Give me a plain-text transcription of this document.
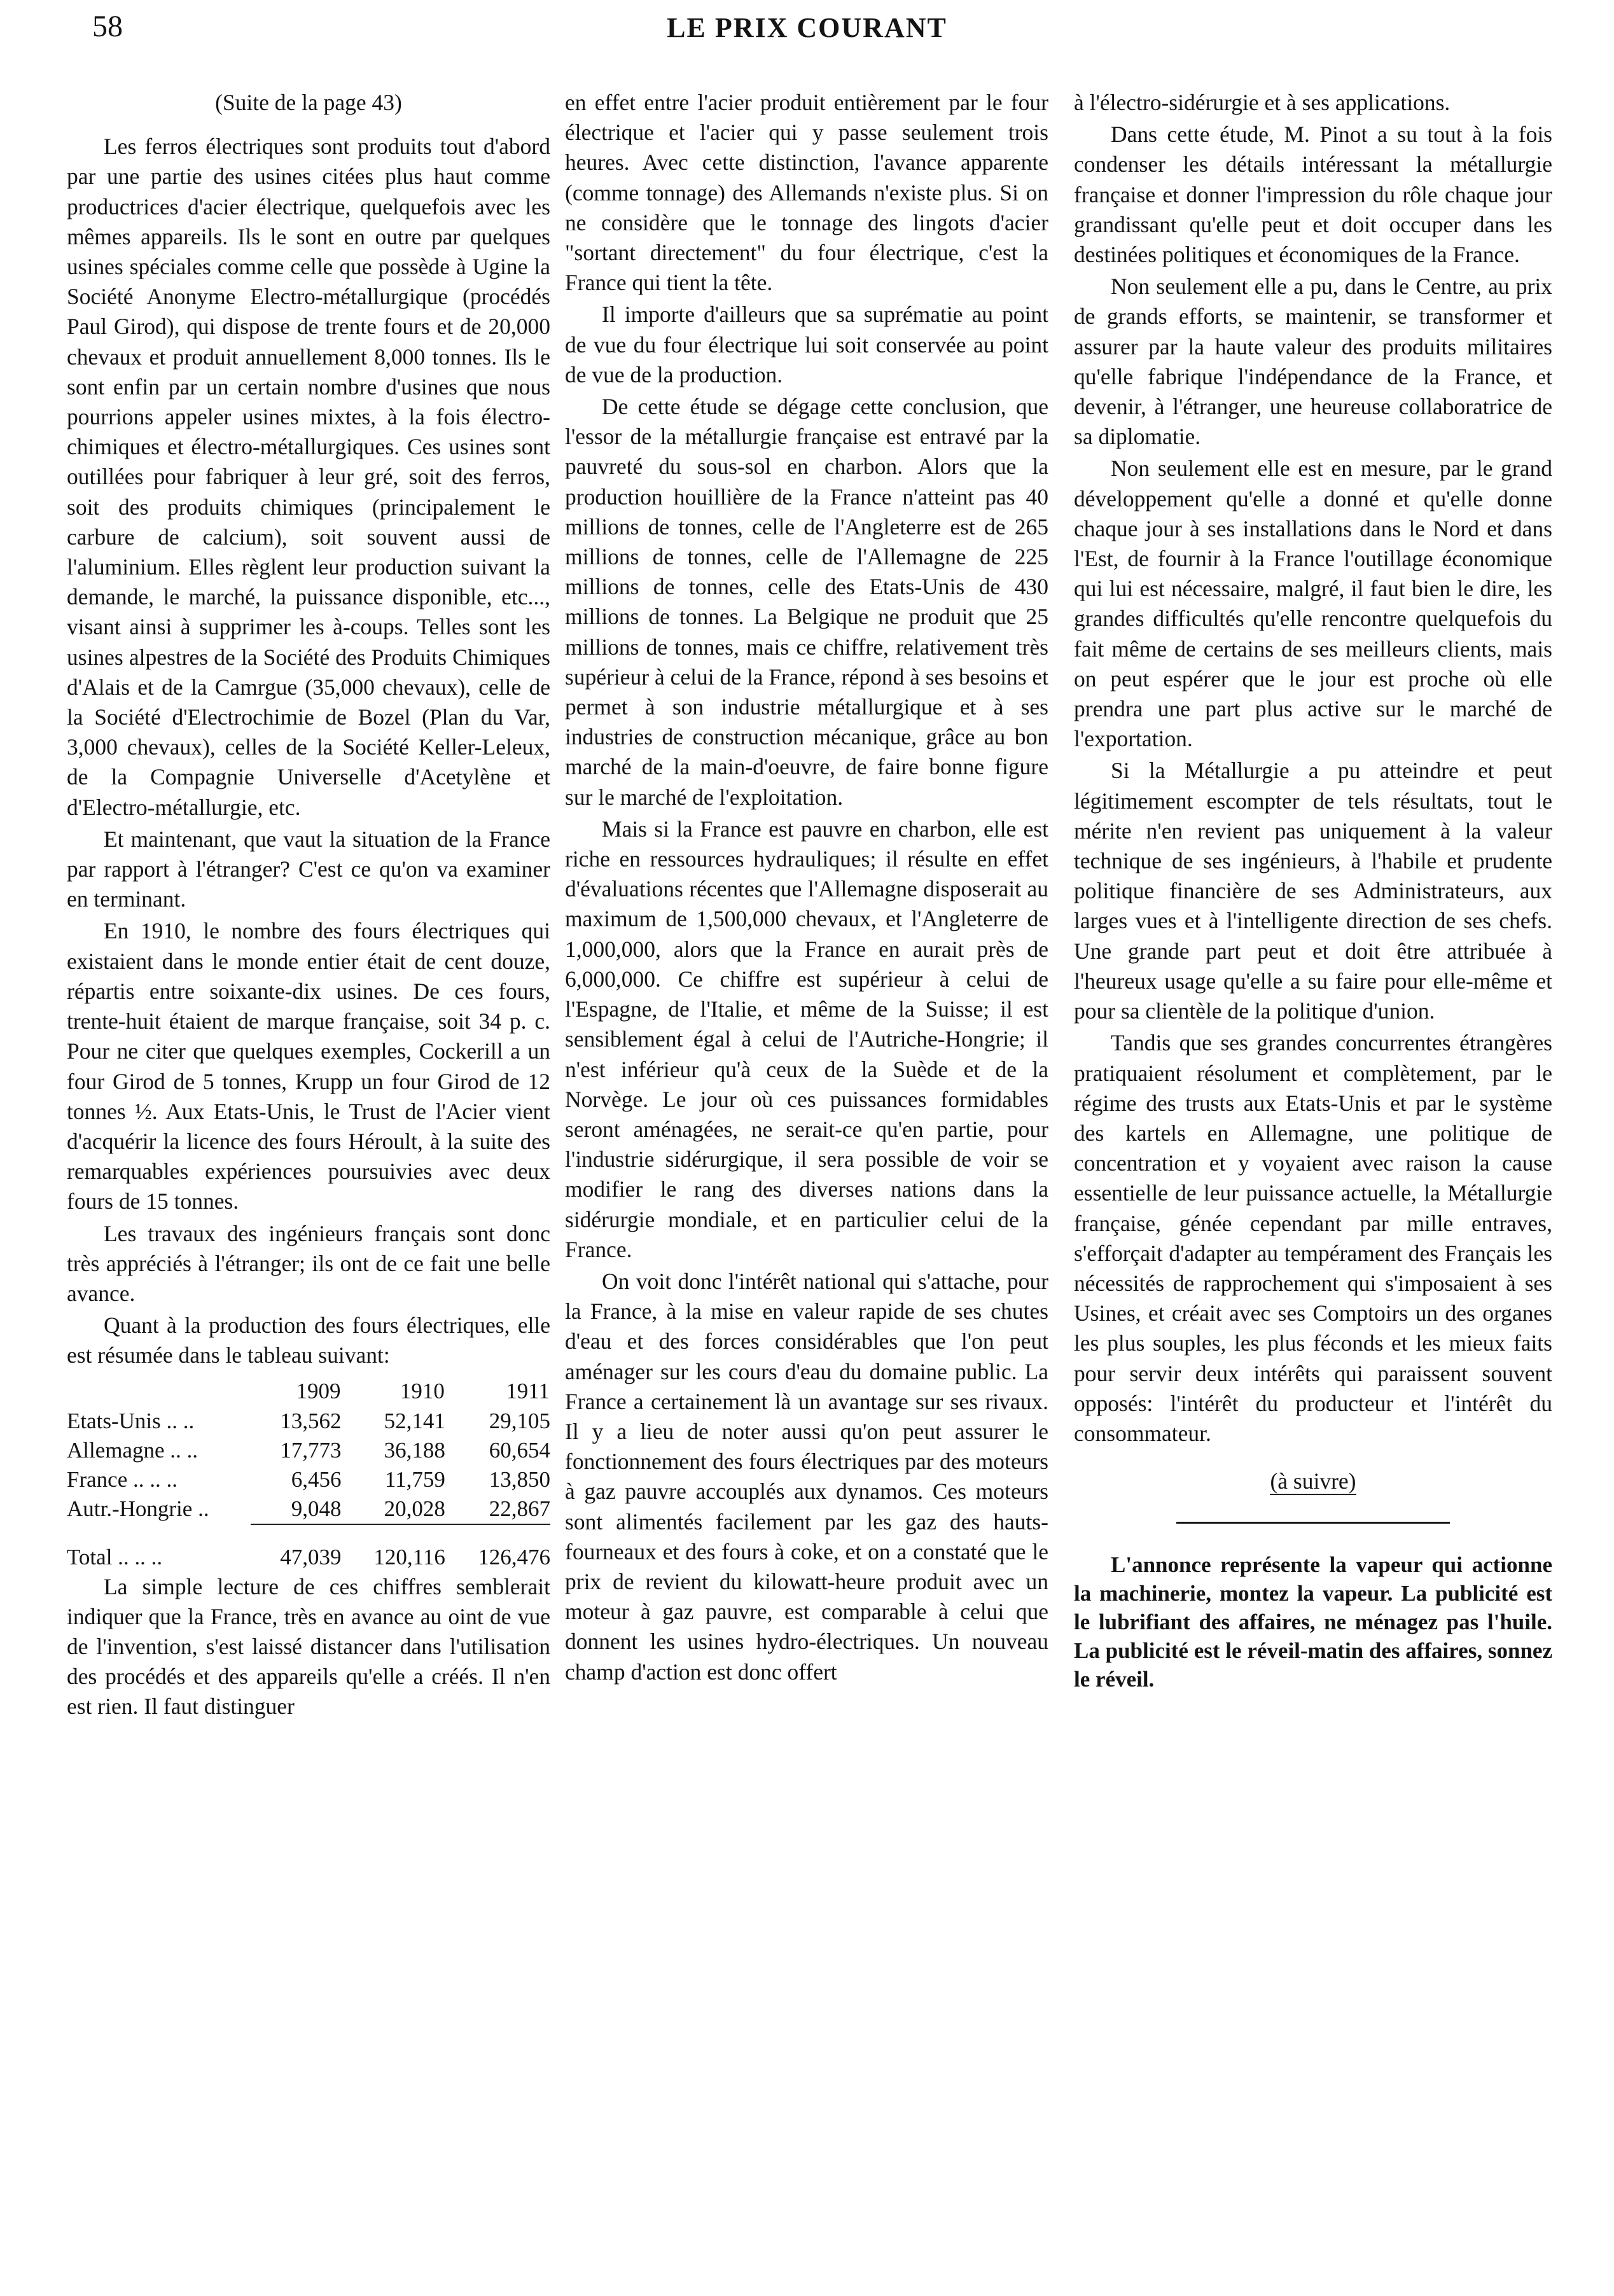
58	LE PRIX COURANT
(Suite de la page 43)

Les ferros électriques sont produits tout d'abord par une partie des usines citées plus haut comme productrices d'acier électrique, quelquefois avec les mêmes appareils. Ils le sont en outre par quelques usines spéciales comme celle que possède à Ugine la Société Anonyme Electro-métallurgique (procédés Paul Girod), qui dispose de trente fours et de 20,000 chevaux et produit annuellement 8,000 tonnes. Ils le sont enfin par un certain nombre d'usines que nous pourrions appeler usines mixtes, à la fois électro-chimiques et électro-métallurgiques. Ces usines sont outillées pour fabriquer à leur gré, soit des ferros, soit des produits chimiques (principalement le carbure de calcium), soit souvent aussi de l'aluminium. Elles règlent leur production suivant la demande, le marché, la puissance disponible, etc..., visant ainsi à supprimer les à-coups. Telles sont les usines alpestres de la Société des Produits Chimiques d'Alais et de la Camrgue (35,000 chevaux), celle de la Société d'Electrochimie de Bozel (Plan du Var, 3,000 chevaux), celles de la Société Keller-Leleux, de la Compagnie Universelle d'Acetylène et d'Electro-métallurgie, etc.

Et maintenant, que vaut la situation de la France par rapport à l'étranger? C'est ce qu'on va examiner en terminant.

En 1910, le nombre des fours électriques qui existaient dans le monde entier était de cent douze, répartis entre soixante-dix usines. De ces fours, trente-huit étaient de marque française, soit 34 p. c. Pour ne citer que quelques exemples, Cockerill a un four Girod de 5 tonnes, Krupp un four Girod de 12 tonnes ½. Aux Etats-Unis, le Trust de l'Acier vient d'acquérir la licence des fours Héroult, à la suite des remarquables expériences poursuivies avec deux fours de 15 tonnes.

Les travaux des ingénieurs français sont donc très appréciés à l'étranger; ils ont de ce fait une belle avance.

Quant à la production des fours électriques, elle est résumée dans le tableau suivant:

	1909	1910	1911
Etats-Unis .. ..	13,562	52,141	29,105
Allemagne .. ..	17,773	36,188	60,654
France .. .. ..	6,456	11,759	13,850
Autr.-Hongrie ..	9,048	20,028	22,867

Total .. .. ..	47,039	120,116	126,476

La simple lecture de ces chiffres semblerait indiquer que la France, très en avance au oint de vue de l'invention, s'est laissé distancer dans l'utilisation des procédés et des appareils qu'elle a créés. Il n'en est rien. Il faut distinguer

en effet entre l'acier produit entièrement par le four électrique et l'acier qui y passe seulement trois heures. Avec cette distinction, l'avance apparente (comme tonnage) des Allemands n'existe plus. Si on ne considère que le tonnage des lingots d'acier "sortant directement" du four électrique, c'est la France qui tient la tête.

Il importe d'ailleurs que sa suprématie au point de vue du four électrique lui soit conservée au point de vue de la production.

De cette étude se dégage cette conclusion, que l'essor de la métallurgie française est entravé par la pauvreté du sous-sol en charbon. Alors que la production houillière de la France n'atteint pas 40 millions de tonnes, celle de l'Angleterre est de 265 millions de tonnes, celle de l'Allemagne de 225 millions de tonnes, celle des Etats-Unis de 430 millions de tonnes. La Belgique ne produit que 25 millions de tonnes, mais ce chiffre, relativement très supérieur à celui de la France, répond à ses besoins et permet à son industrie métallurgique et à ses industries de construction mécanique, grâce au bon marché de la main-d'oeuvre, de faire bonne figure sur le marché de l'exploitation.

Mais si la France est pauvre en charbon, elle est riche en ressources hydrauliques; il résulte en effet d'évaluations récentes que l'Allemagne disposerait au maximum de 1,500,000 chevaux, et l'Angleterre de 1,000,000, alors que la France en aurait près de 6,000,000. Ce chiffre est supérieur à celui de l'Espagne, de l'Italie, et même de la Suisse; il est sensiblement égal à celui de l'Autriche-Hongrie; il n'est inférieur qu'à ceux de la Suède et de la Norvège. Le jour où ces puissances formidables seront aménagées, ne serait-ce qu'en partie, pour l'industrie sidérurgique, il sera possible de voir se modifier le rang des diverses nations dans la sidérurgie mondiale, et en particulier celui de la France.

On voit donc l'intérêt national qui s'attache, pour la France, à la mise en valeur rapide de ses chutes d'eau et des forces considérables que l'on peut aménager sur les cours d'eau du domaine public. La France a certainement là un avantage sur ses rivaux. Il y a lieu de noter aussi qu'on peut assurer le fonctionnement des fours électriques par des moteurs à gaz pauvre accouplés aux dynamos. Ces moteurs sont alimentés facilement par les gaz des hauts-fourneaux et des fours à coke, et on a constaté que le prix de revient du kilowatt-heure produit avec un moteur à gaz pauvre, est comparable à celui que donnent les usines hydro-électriques. Un nouveau champ d'action est donc offert

à l'électro-sidérurgie et à ses applications.

Dans cette étude, M. Pinot a su tout à la fois condenser les détails intéressant la métallurgie française et donner l'impression du rôle chaque jour grandissant qu'elle peut et doit occuper dans les destinées politiques et économiques de la France.

Non seulement elle a pu, dans le Centre, au prix de grands efforts, se maintenir, se transformer et assurer par la haute valeur des produits militaires qu'elle fabrique l'indépendance de la France, et devenir, à l'étranger, une heureuse collaboratrice de sa diplomatie.

Non seulement elle est en mesure, par le grand développement qu'elle a donné et qu'elle donne chaque jour à ses installations dans le Nord et dans l'Est, de fournir à la France l'outillage économique qui lui est nécessaire, malgré, il faut bien le dire, les grandes difficultés qu'elle rencontre quelquefois du fait même de certains de ses meilleurs clients, mais on peut espérer que le jour est proche où elle prendra une part plus active sur le marché de l'exportation.

Si la Métallurgie a pu atteindre et peut légitimement escompter de tels résultats, tout le mérite n'en revient pas uniquement à la valeur technique de ses ingénieurs, à l'habile et prudente politique financière de ses Administrateurs, aux larges vues et à l'intelligente direction de ses chefs. Une grande part peut et doit être attribuée à l'heureux usage qu'elle a su faire pour elle-même et pour sa clientèle de la politique d'union.

Tandis que ses grandes concurrentes étrangères pratiquaient résolument et complètement, par le régime des trusts aux Etats-Unis et par le système des kartels en Allemagne, une politique de concentration et y voyaient avec raison la cause essentielle de leur puissance actuelle, la Métallurgie française, génée cependant par mille entraves, s'efforçait d'adapter au tempérament des Français les nécessités de rapprochement qui s'imposaient à ses Usines, et créait avec ses Comptoirs un des organes les plus souples, les plus féconds et les mieux faits pour servir deux intérêts qui paraissent souvent opposés: l'intérêt du producteur et l'intérêt du consommateur.

(à suivre)

L'annonce représente la vapeur qui actionne la machinerie, montez la vapeur. La publicité est le lubrifiant des affaires, ne ménagez pas l'huile. La publicité est le réveil-matin des affaires, sonnez le réveil.
